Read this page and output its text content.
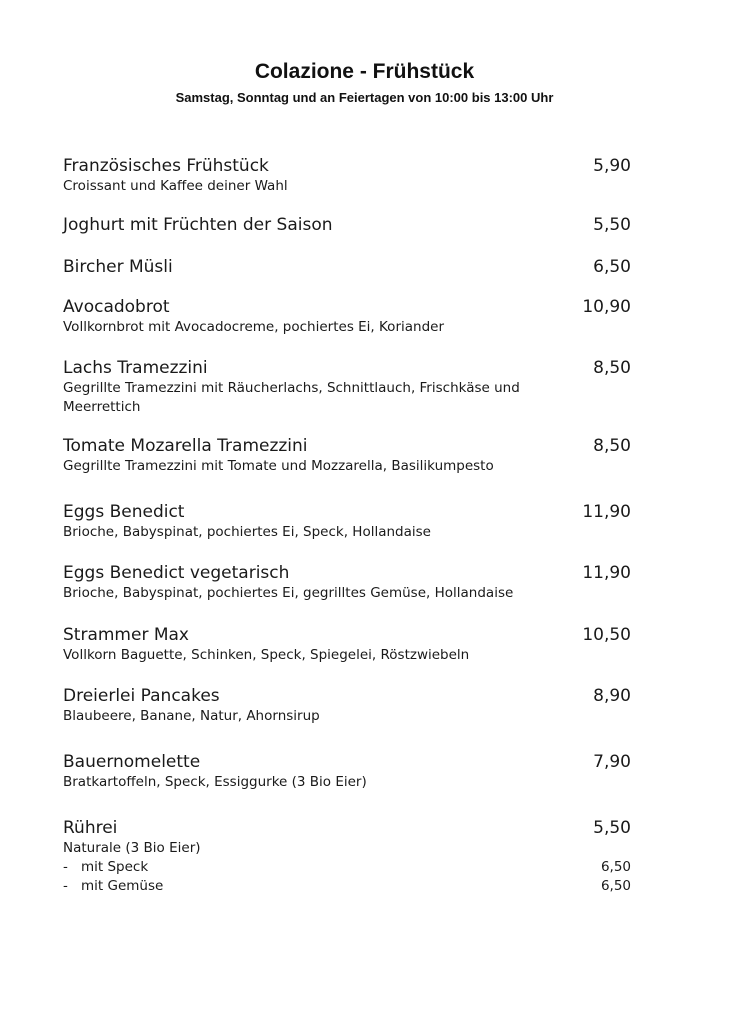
Colazione - Frühstück
Samstag, Sonntag und an Feiertagen von 10:00 bis 13:00 Uhr
Französisches Frühstück	5,90
Croissant und Kaffee deiner Wahl
Joghurt mit Früchten der Saison	5,50
Bircher Müsli	6,50
Avocadobrot	10,90
Vollkornbrot mit Avocadocreme, pochiertes Ei, Koriander
Lachs Tramezzini	8,50
Gegrillte Tramezzini mit Räucherlachs, Schnittlauch, Frischkäse und Meerrettich
Tomate Mozarella Tramezzini	8,50
Gegrillte Tramezzini mit Tomate und Mozzarella, Basilikumpesto
Eggs Benedict	11,90
Brioche, Babyspinat, pochiertes Ei, Speck, Hollandaise
Eggs Benedict vegetarisch	11,90
Brioche, Babyspinat, pochiertes Ei, gegrilltes Gemüse, Hollandaise
Strammer Max	10,50
Vollkorn Baguette, Schinken, Speck, Spiegelei, Röstzwiebeln
Dreierlei Pancakes	8,90
Blaubeere, Banane, Natur, Ahornsirup
Bauernomelette	7,90
Bratkartoffeln, Speck, Essiggurke (3 Bio Eier)
Rührei	5,50
Naturale (3 Bio Eier)
- mit Speck	6,50
- mit Gemüse	6,50
